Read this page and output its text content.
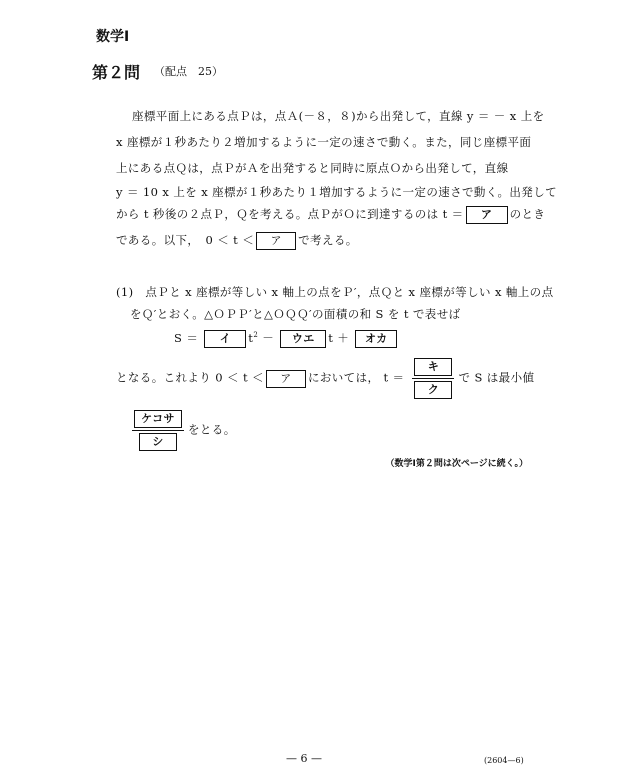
数学Ⅰ
第２問 （配点　25）
座標平面上にある点Ｐは，点Ａ(－８，８)から出発して，直線 y ＝ － x 上を
x 座標が１秒あたり２増加するように一定の速さで動く。また，同じ座標平面
上にある点Ｑは，点ＰがＡを出発すると同時に原点Ｏから出発して，直線
y ＝ 10 x 上を x 座標が１秒あたり１増加するように一定の速さで動く。出発して
から t 秒後の２点Ｐ，Ｑを考える。点ＰがＯに到達するのは t ＝ ア のとき
である。以下，　0 ＜ t ＜ ア で考える。
(1)　点Ｐと x 座標が等しい x 軸上の点をＰ′，点Ｑと x 座標が等しい x 軸上の点
をＱ′とおく。△ＯＰＰ′と△ＯＱＱ′の面積の和 S を t で表せば
S ＝ イ $t^2$ － ウエ t ＋ オカ
となる。これより 0 ＜ t ＜ ア においては， $t = \frac{\text{キ}}{\text{ク}}$ で S は最小値
$\frac{\text{ケコサ}}{\text{シ}}$ をとる。
（数学Ⅰ第２問は次ページに続く。）
— 6 —	(2604—6)
